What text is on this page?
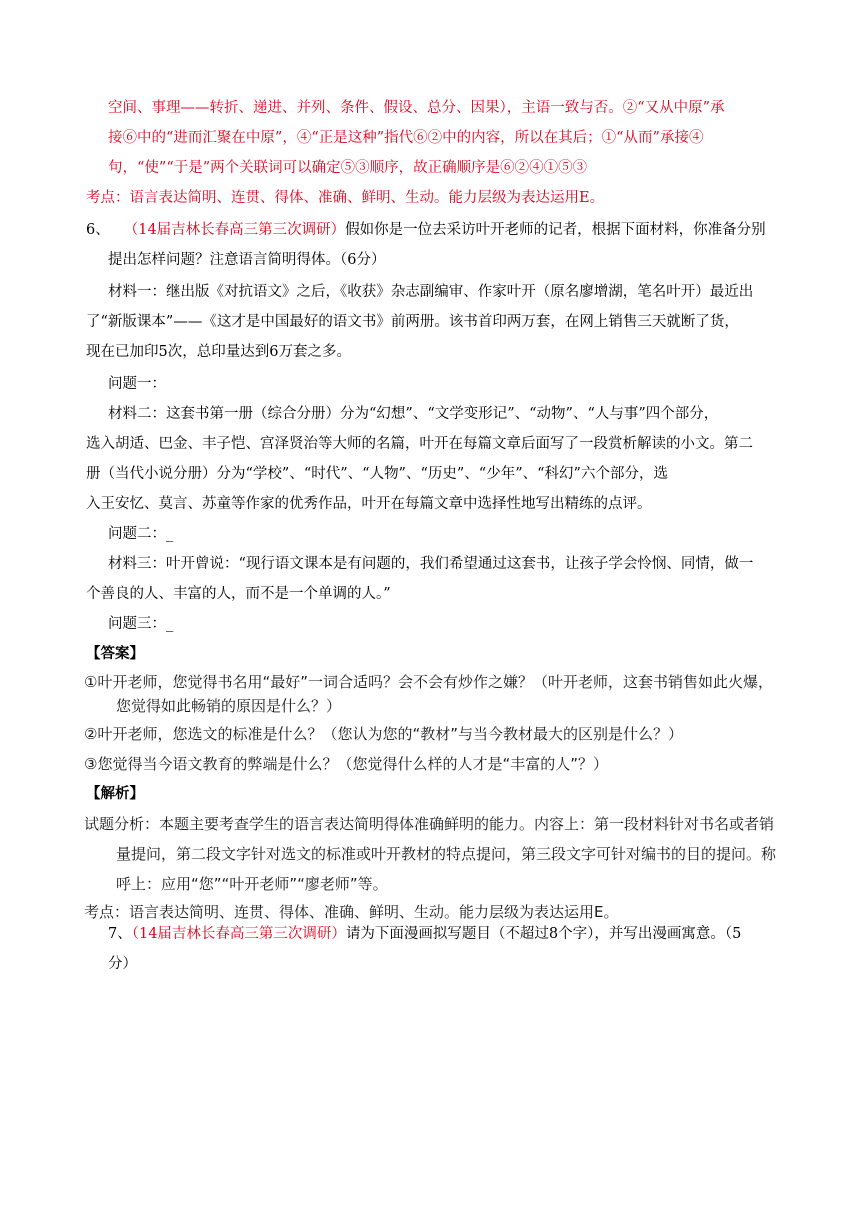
空间、事理——转折、递进、并列、条件、假设、总分、因果），主语一致与否。②“又从中原”承
接⑥中的“进而汇聚在中原”，④“正是这种”指代⑥②中的内容，所以在其后；①“从而”承接④
句，“使”“于是”两个关联词可以确定⑤③顺序，故正确顺序是⑥②④①⑤③
考点：语言表达简明、连贯、得体、准确、鲜明、生动。能力层级为表达运用E。
6、 （14届吉林长春高三第三次调研）假如你是一位去采访叶开老师的记者，根据下面材料，你准备分别
提出怎样问题？注意语言简明得体。（6分）
材料一：继出版《对抗语文》之后，《收获》杂志副编审、作家叶开（原名廖增湖，笔名叶开）最近出
了“新版课本”——《这才是中国最好的语文书》前两册。该书首印两万套，在网上销售三天就断了货，
现在已加印5次，总印量达到6万套之多。
问题一：
材料二：这套书第一册（综合分册）分为“幻想”、“文学变形记”、“动物”、“人与事”四个部分，
选入胡适、巴金、丰子恺、宫泽贤治等大师的名篇，叶开在每篇文章后面写了一段赏析解读的小文。第二
册（当代小说分册）分为“学校”、“时代”、“人物”、“历史”、“少年”、“科幻”六个部分，选
入王安忆、莫言、苏童等作家的优秀作品，叶开在每篇文章中选择性地写出精练的点评。
问题二：_
材料三：叶开曾说：“现行语文课本是有问题的，我们希望通过这套书，让孩子学会怜悯、同情，做一
个善良的人、丰富的人，而不是一个单调的人。”
问题三：_
【答案】
①叶开老师，您觉得书名用“最好”一词合适吗？会不会有炒作之嫌？（叶开老师，这套书销售如此火爆，
您觉得如此畅销的原因是什么？）
②叶开老师，您选文的标准是什么？（您认为您的“教材”与当今教材最大的区别是什么？）
③您觉得当今语文教育的弊端是什么？（您觉得什么样的人才是“丰富的人”？）
【解析】
试题分析：本题主要考查学生的语言表达简明得体准确鲜明的能力。内容上：第一段材料针对书名或者销
量提问，第二段文字针对选文的标准或叶开教材的特点提问，第三段文字可针对编书的目的提问。称
呼上：应用“您”“叶开老师”“廖老师”等。
考点：语言表达简明、连贯、得体、准确、鲜明、生动。能力层级为表达运用E。
7、（14届吉林长春高三第三次调研）请为下面漫画拟写题目（不超过8个字），并写出漫画寓意。（5
分）
